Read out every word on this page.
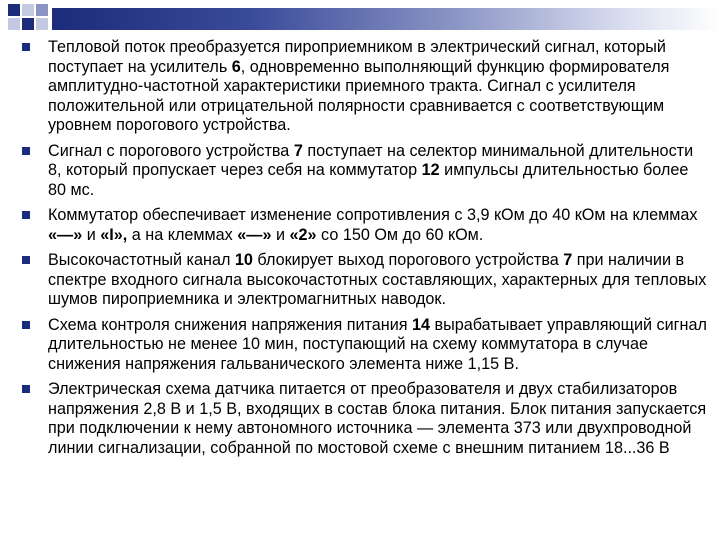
Тепловой поток преобразуется пироприемником в электрический сигнал, который поступает на усилитель 6, одновременно выполняющий функцию формирователя амплитудно-частотной характеристики приемного тракта. Сигнал с усилителя положительной или отрицательной полярности сравнивается с соответствующим уровнем порогового устройства.

Сигнал с порогового устройства 7 поступает на селектор минимальной длительности 8, который пропускает через себя на коммутатор 12 импульсы длительностью более 80 мс.

Коммутатор обеспечивает изменение сопротивления с 3,9 кОм до 40 кОм на клеммах «—» и «I», а на клеммах «—» и «2» со 150 Ом до 60 кОм.

Высокочастотный канал 10 блокирует выход порогового устройства 7 при наличии в спектре входного сигнала высокочастотных составляющих, характерных для тепловых шумов пироприемника и электромагнитных наводок.

Схема контроля снижения напряжения питания 14 вырабатывает управляющий сигнал длительностью не менее 10 мин, поступающий на схему коммутатора в случае снижения напряжения гальванического элемента ниже 1,15 В.

Электрическая схема датчика питается от преобразователя и двух стабилизаторов напряжения 2,8 В и 1,5 В, входящих в состав блока питания. Блок питания запускается при подключении к нему автономного источника — элемента 373 или двухпроводной линии сигнализации, собранной по мостовой схеме с внешним питанием 18...36 В
